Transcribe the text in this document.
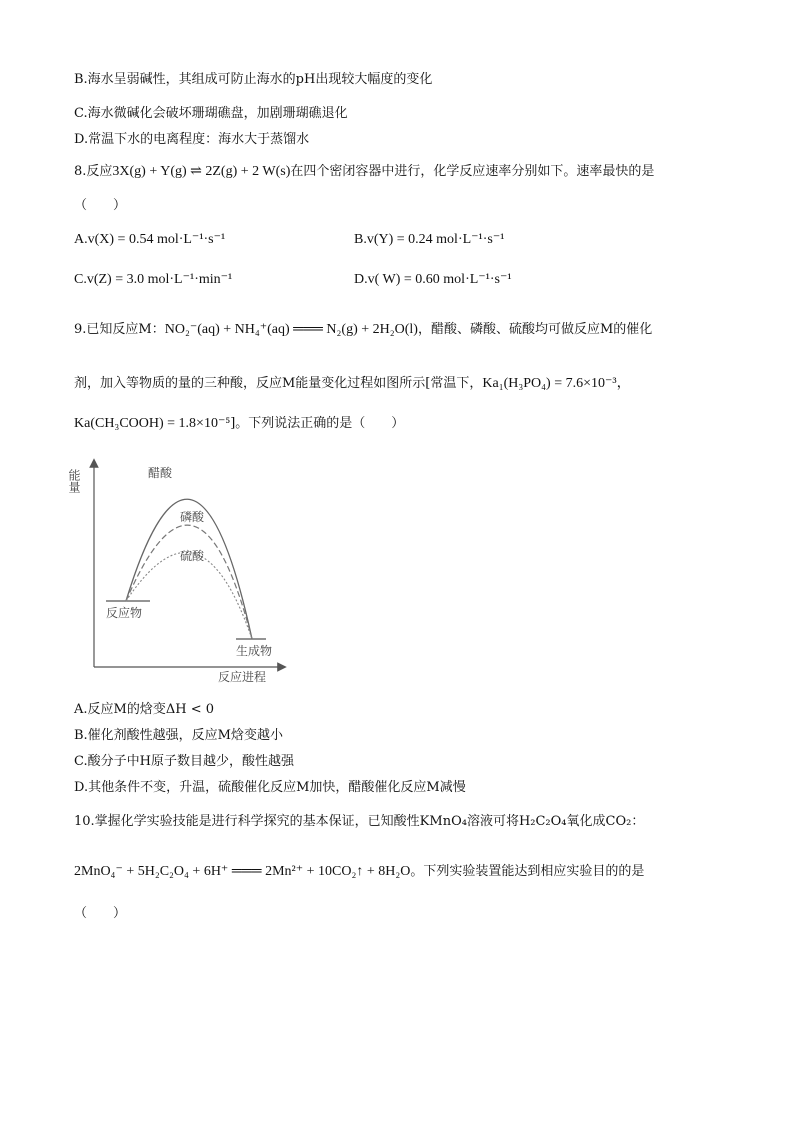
B.海水呈弱碱性，其组成可防止海水的pH出现较大幅度的变化
C.海水微碱化会破坏珊瑚礁盘，加剧珊瑚礁退化
D.常温下水的电离程度：海水大于蒸馏水
8.反应3X(g) + Y(g) ⇌ 2Z(g) + 2 W(s)在四个密闭容器中进行，化学反应速率分别如下。速率最快的是
（　　）
A.v(X) = 0.54 mol·L⁻¹·s⁻¹	B.v(Y) = 0.24 mol·L⁻¹·s⁻¹
C.v(Z) = 3.0 mol·L⁻¹·min⁻¹	D.v( W) = 0.60 mol·L⁻¹·s⁻¹
9.已知反应M：NO₂⁻(aq) + NH₄⁺(aq) ═══ N₂(g) + 2H₂O(l)，醋酸、磷酸、硫酸均可做反应M的催化
剂，加入等物质的量的三种酸，反应M能量变化过程如图所示[常温下，Ka₁(H₃PO₄) = 7.6×10⁻³，
Ka(CH₃COOH) = 1.8×10⁻⁵]。下列说法正确的是（　　）
能量
反应进程
反应物
生成物
醋酸
磷酸
硫酸
A.反应M的焓变ΔH < 0
B.催化剂酸性越强，反应M焓变越小
C.酸分子中H原子数目越少，酸性越强
D.其他条件不变，升温，硫酸催化反应M加快，醋酸催化反应M减慢
10.掌握化学实验技能是进行科学探究的基本保证，已知酸性KMnO₄溶液可将H₂C₂O₄氧化成CO₂：
2MnO₄⁻ + 5H₂C₂O₄ + 6H⁺ ═══ 2Mn²⁺ + 10CO₂↑ + 8H₂O。下列实验装置能达到相应实验目的的是
（　　）
